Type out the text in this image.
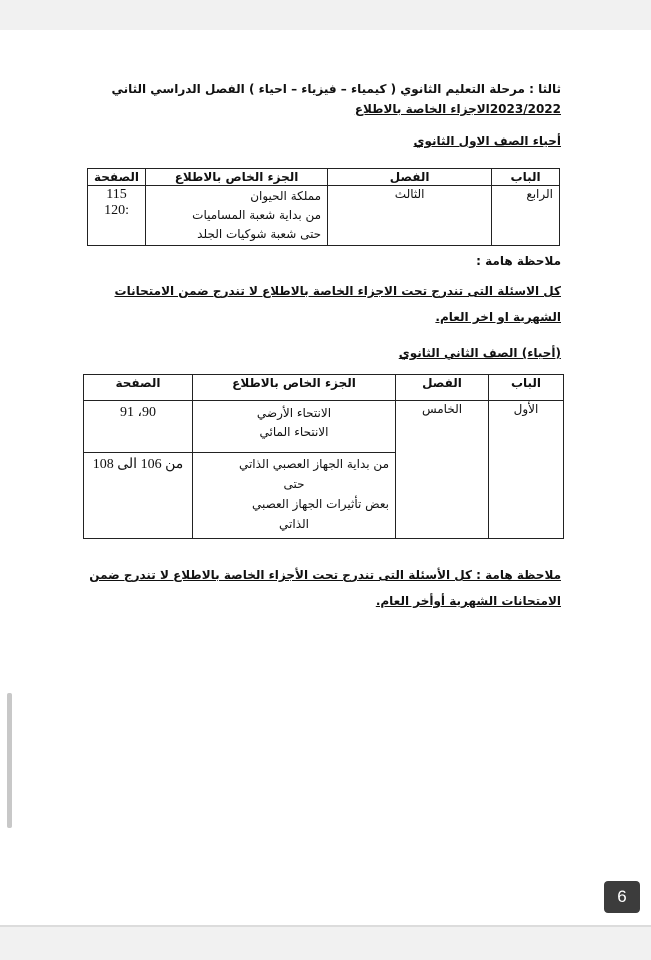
ثالثا : مرحلة التعليم الثانوي ( كيمياء – فيزياء – احياء ) الفصل الدراسي الثاني
2023/2022الاجزاء الخاصة بالاطلاع
أحياء الصف الاول الثانوي
الباب	الفصل	الجزء الخاص بالاطلاع	الصفحة
الرابع	الثالث	مملكة الحيوان
من بداية شعبة المساميات
حتى شعبة شوكيات الجلد	115 :120
ملاحظة هامة :
كل الاسئلة التى تندرج تحت الاجزاء الخاصة بالاطلاع لا تندرج ضمن الامتحانات
الشهرية او اخر العام.
(أحياء) الصف الثاني الثانوي
الباب	الفصل	الجزء الخاص بالاطلاع	الصفحة
الأول	الخامس	الانتحاء الأرضي
الانتحاء المائي	90، 91

		من بداية الجهاز العصبي الذاتي
حتى
بعض تأثيرات الجهاز العصبي
الذاتي	من 106 الى 108
ملاحظة هامة : كل الأسئلة التى تندرج تحت الأجزاء الخاصة بالاطلاع لا تندرج ضمن
الامتحانات الشهرية أوأخر العام.
6
